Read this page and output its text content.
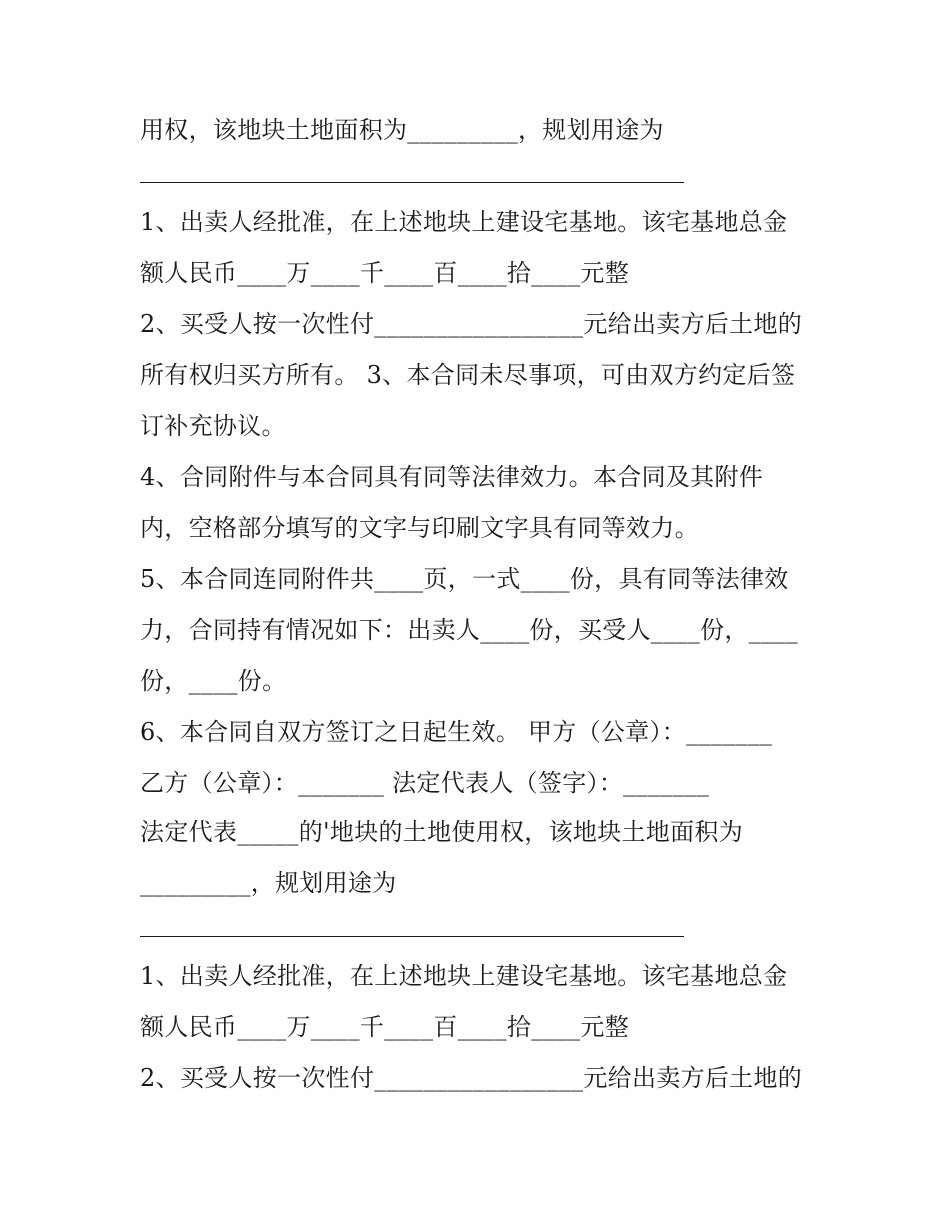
用权，该地块土地面积为_________，规划用途为
1、出卖人经批准，在上述地块上建设宅基地。该宅基地总金
额人民币____万____千____百____拾____元整
2、买受人按一次性付_________________元给出卖方后土地的
所有权归买方所有。 3、本合同未尽事项，可由双方约定后签
订补充协议。
4、合同附件与本合同具有同等法律效力。本合同及其附件
内，空格部分填写的文字与印刷文字具有同等效力。
5、本合同连同附件共____页，一式____份，具有同等法律效
力，合同持有情况如下：出卖人____份，买受人____份，____
份，____份。
6、本合同自双方签订之日起生效。 甲方（公章）：_______
乙方（公章）：_______ 法定代表人（签字）：_______
法定代表_____的'地块的土地使用权，该地块土地面积为
_________，规划用途为
1、出卖人经批准，在上述地块上建设宅基地。该宅基地总金
额人民币____万____千____百____拾____元整
2、买受人按一次性付_________________元给出卖方后土地的
